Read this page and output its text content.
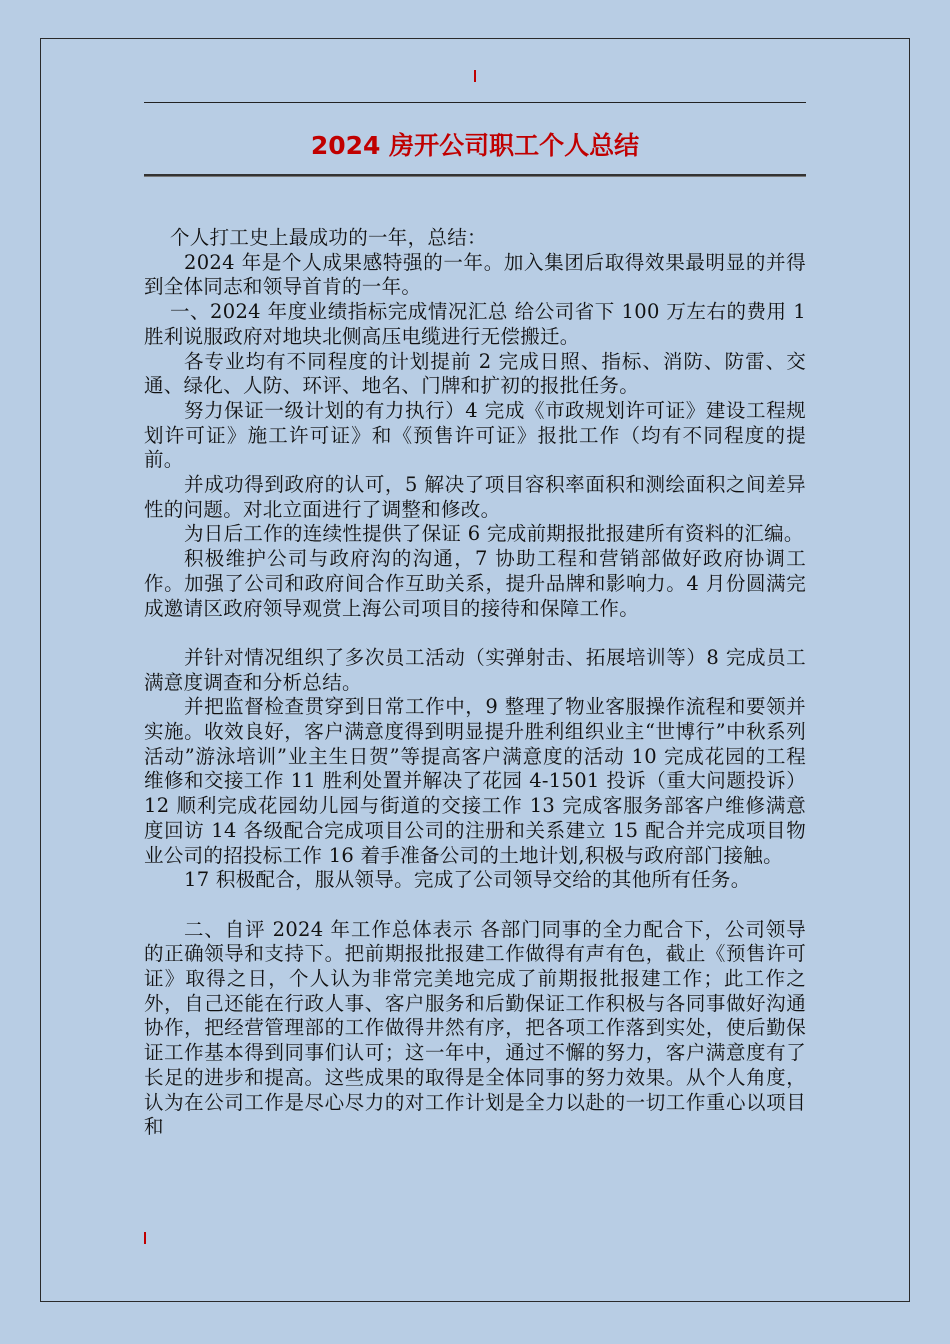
2024 房开公司职工个人总结

个人打工史上最成功的一年，总结：

2024 年是个人成果感特强的一年。加入集团后取得效果最明显的并得到全体同志和领导首肯的一年。

一、2024 年度业绩指标完成情况汇总 给公司省下 100 万左右的费用 1 胜利说服政府对地块北侧高压电缆进行无偿搬迁。

各专业均有不同程度的计划提前 2 完成日照、指标、消防、防雷、交通、绿化、人防、环评、地名、门牌和扩初的报批任务。

努力保证一级计划的有力执行）4 完成《市政规划许可证》建设工程规划许可证》施工许可证》和《预售许可证》报批工作（均有不同程度的提前。

并成功得到政府的认可，5 解决了项目容积率面积和测绘面积之间差异性的问题。对北立面进行了调整和修改。

为日后工作的连续性提供了保证 6 完成前期报批报建所有资料的汇编。

积极维护公司与政府沟的沟通，7 协助工程和营销部做好政府协调工作。加强了公司和政府间合作互助关系，提升品牌和影响力。4 月份圆满完成邀请区政府领导观赏上海公司项目的接待和保障工作。

并针对情况组织了多次员工活动（实弹射击、拓展培训等）8 完成员工满意度调查和分析总结。

并把监督检查贯穿到日常工作中，9 整理了物业客服操作流程和要领并实施。收效良好，客户满意度得到明显提升胜利组织业主“世博行”中秋系列活动”游泳培训”业主生日贺”等提高客户满意度的活动 10 完成花园的工程维修和交接工作 11 胜利处置并解决了花园 4-1501 投诉（重大问题投诉） 12 顺利完成花园幼儿园与街道的交接工作 13 完成客服务部客户维修满意度回访 14 各级配合完成项目公司的注册和关系建立 15 配合并完成项目物业公司的招投标工作 16 着手准备公司的土地计划,积极与政府部门接触。

17 积极配合，服从领导。完成了公司领导交给的其他所有任务。

二、自评 2024 年工作总体表示 各部门同事的全力配合下，公司领导的正确领导和支持下。把前期报批报建工作做得有声有色，截止《预售许可证》取得之日，个人认为非常完美地完成了前期报批报建工作；此工作之外，自己还能在行政人事、客户服务和后勤保证工作积极与各同事做好沟通协作，把经营管理部的工作做得井然有序，把各项工作落到实处，使后勤保证工作基本得到同事们认可；这一年中，通过不懈的努力，客户满意度有了长足的进步和提高。这些成果的取得是全体同事的努力效果。从个人角度，认为在公司工作是尽心尽力的对工作计划是全力以赴的一切工作重心以项目和
